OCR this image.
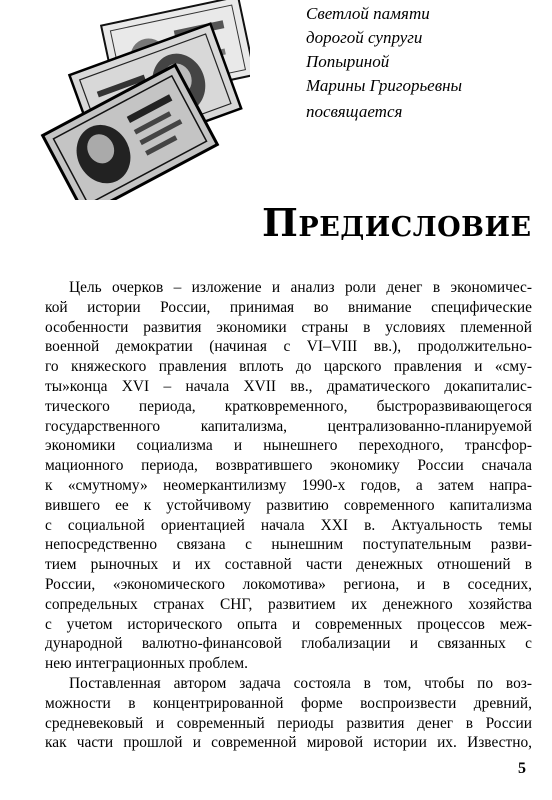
Светлой памяти
дорогой супруги
Попыриной
Марины Григорьевны
посвящается
Предисловие
Цель очерков – изложение и анализ роли денег в экономичес-
кой истории России, принимая во внимание специфические
особенности развития экономики страны в условиях племенной
военной демократии (начиная с VI–VIII вв.), продолжительно-
го княжеского правления вплоть до царского правления и «сму-
ты»конца XVI – начала XVII вв., драматического докапиталис-
тического периода, кратковременного, быстроразвивающегося
государственного капитализма, централизованно-планируемой
экономики социализма и нынешнего переходного, трансфор-
мационного периода, возвратившего экономику России сначала
к «смутному» неомеркантилизму 1990-х годов, а затем напра-
вившего ее к устойчивому развитию современного капитализма
с социальной ориентацией начала XXI в. Актуальность темы
непосредственно связана с нынешним поступательным разви-
тием рыночных и их составной части денежных отношений в
России, «экономического локомотива» региона, и в соседних,
сопредельных странах СНГ, развитием их денежного хозяйства
с учетом исторического опыта и современных процессов меж-
дународной валютно-финансовой глобализации и связанных с
нею интеграционных проблем.
Поставленная автором задача состояла в том, чтобы по воз-
можности в концентрированной форме воспроизвести древний,
средневековый и современный периоды развития денег в России
как части прошлой и современной мировой истории их. Известно,
5
